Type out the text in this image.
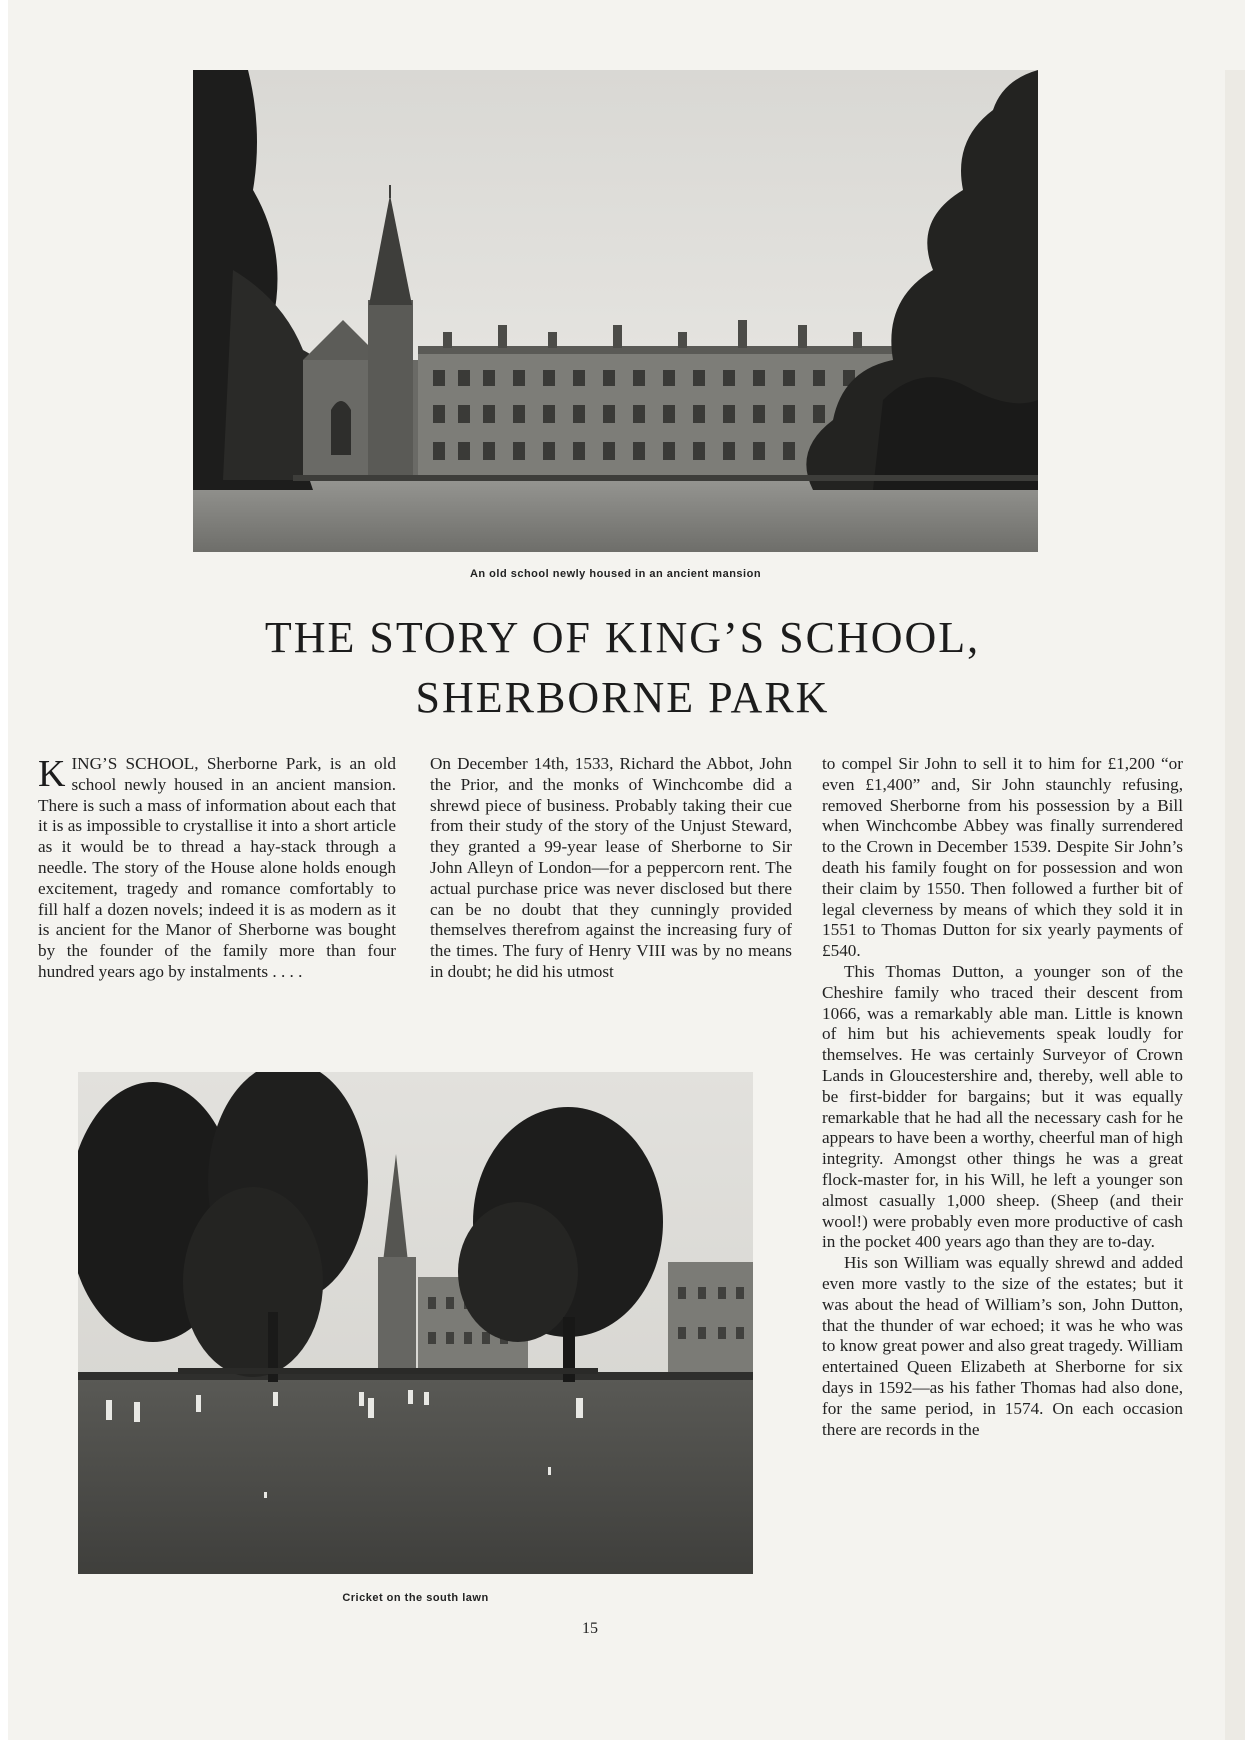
An old school newly housed in an ancient mansion
THE STORY OF KING’S SCHOOL,
SHERBORNE PARK

KING’S SCHOOL, Sherborne Park, is an old school newly housed in an ancient mansion. There is such a mass of information about each that it is as impossible to crystallise it into a short article as it would be to thread a hay-stack through a needle. The story of the House alone holds enough excitement, tragedy and romance comfortably to fill half a dozen novels; indeed it is as modern as it is ancient for the Manor of Sherborne was bought by the founder of the family more than four hundred years ago by instalments . . . .

On December 14th, 1533, Richard the Abbot, John the Prior, and the monks of Winchcombe did a shrewd piece of business. Probably taking their cue from their study of the story of the Unjust Steward, they granted a 99-year lease of Sherborne to Sir John Alleyn of London—for a peppercorn rent. The actual purchase price was never disclosed but there can be no doubt that they cunningly provided themselves therefrom against the increasing fury of the times. The fury of Henry VIII was by no means in doubt; he did his utmost

to compel Sir John to sell it to him for £1,200 “or even £1,400” and, Sir John staunchly refusing, removed Sherborne from his possession by a Bill when Winchcombe Abbey was finally surrendered to the Crown in December 1539. Despite Sir John’s death his family fought on for possession and won their claim by 1550. Then followed a further bit of legal cleverness by means of which they sold it in 1551 to Thomas Dutton for six yearly payments of £540.

This Thomas Dutton, a younger son of the Cheshire family who traced their descent from 1066, was a remarkably able man. Little is known of him but his achievements speak loudly for themselves. He was certainly Surveyor of Crown Lands in Gloucestershire and, thereby, well able to be first-bidder for bargains; but it was equally remarkable that he had all the necessary cash for he appears to have been a worthy, cheerful man of high integrity. Amongst other things he was a great flock-master for, in his Will, he left a younger son almost casually 1,000 sheep. (Sheep (and their wool!) were probably even more productive of cash in the pocket 400 years ago than they are to-day.

His son William was equally shrewd and added even more vastly to the size of the estates; but it was about the head of William’s son, John Dutton, that the thunder of war echoed; it was he who was to know great power and also great tragedy. William entertained Queen Elizabeth at Sherborne for six days in 1592—as his father Thomas had also done, for the same period, in 1574. On each occasion there are records in the

Cricket on the south lawn
15
